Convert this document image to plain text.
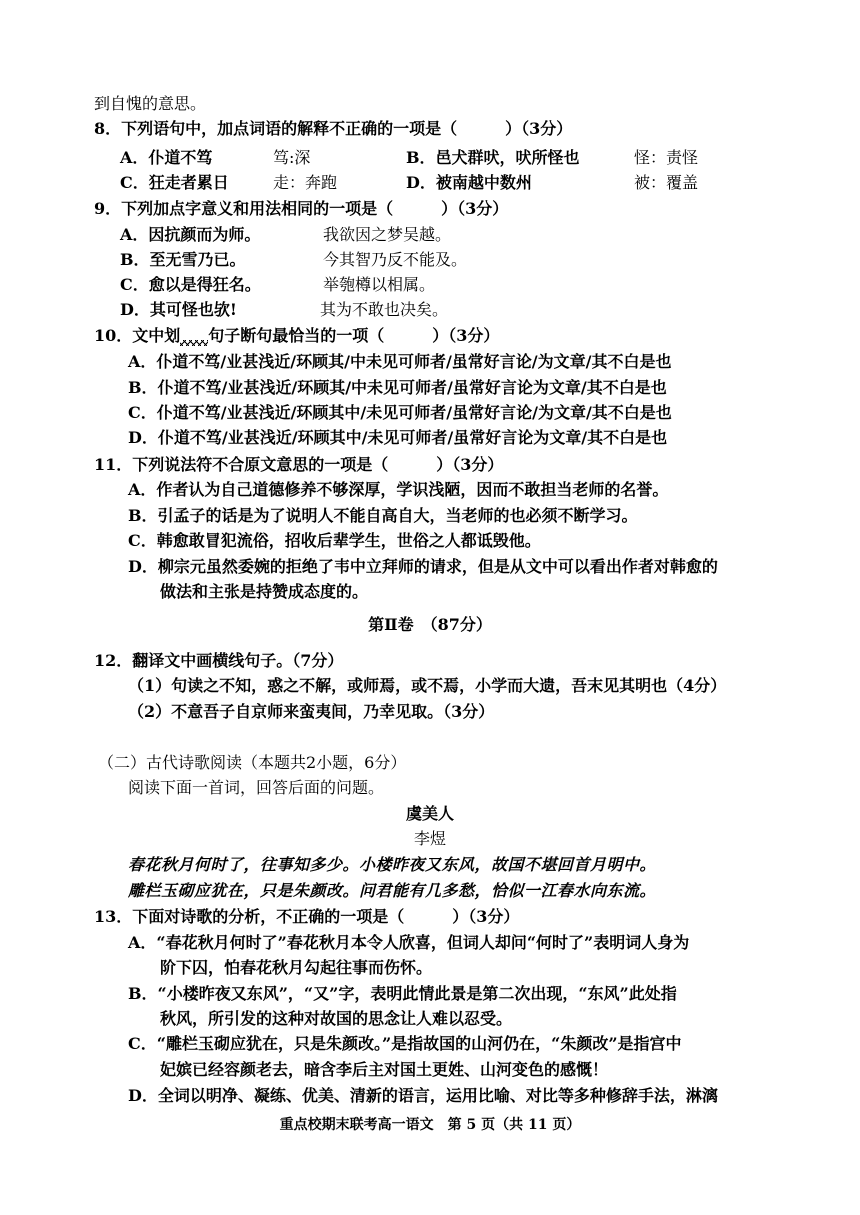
到自愧的意思。
8．下列语句中，加点词语的解释不正确的一项是（　　　）（3分）
A．仆道不笃	笃:深	B．邑犬群吠，吠所怪也	怪：责怪
C．狂走者累日	走：奔跑	D．被南越中数州	被：覆盖
9．下列加点字意义和用法相同的一项是（　　　）（3分）
A．因抗颜而为师。	我欲因之梦吴越。
B．至无雪乃已。	今其智乃反不能及。
C．愈以是得狂名。	举匏樽以相属。
D．其可怪也欤!	其为不敢也决矣。
10．文中划 句子断句最恰当的一项（　　　）（3分）
A．仆道不笃/业甚浅近/环顾其/中未见可师者/虽常好言论/为文章/其不白是也
B．仆道不笃/业甚浅近/环顾其/中未见可师者/虽常好言论为文章/其不白是也
C．仆道不笃/业甚浅近/环顾其中/未见可师者/虽常好言论/为文章/其不白是也
D．仆道不笃/业甚浅近/环顾其中/未见可师者/虽常好言论为文章/其不白是也
11．下列说法符不合原文意思的一项是（　　　）（3分）
A．作者认为自己道德修养不够深厚，学识浅陋，因而不敢担当老师的名誉。
B．引孟子的话是为了说明人不能自高自大，当老师的也必须不断学习。
C．韩愈敢冒犯流俗，招收后辈学生，世俗之人都诋毁他。
D．柳宗元虽然委婉的拒绝了韦中立拜师的请求，但是从文中可以看出作者对韩愈的
做法和主张是持赞成态度的。
第Ⅱ卷　（87分）
12．翻译文中画横线句子。（7分）
（1）句读之不知，惑之不解，或师焉，或不焉，小学而大遗，吾末见其明也（4分）
（2）不意吾子自京师来蛮夷间，乃幸见取。（3分）
（二）古代诗歌阅读（本题共2小题，6分）
阅读下面一首词，回答后面的问题。
虞美人
李煜
春花秋月何时了，往事知多少。小楼昨夜又东风，故国不堪回首月明中。
雕栏玉砌应犹在，只是朱颜改。问君能有几多愁，恰似一江春水向东流。
13．下面对诗歌的分析，不正确的一项是（　　　）（3分）
A．“春花秋月何时了”春花秋月本令人欣喜，但词人却问“何时了”表明词人身为
阶下囚，怕春花秋月勾起往事而伤怀。
B．“小楼昨夜又东风”，“又”字，表明此情此景是第二次出现，“东风”此处指
秋风，所引发的这种对故国的思念让人难以忍受。
C．“雕栏玉砌应犹在，只是朱颜改。”是指故国的山河仍在，“朱颜改”是指宫中
妃嫔已经容颜老去，暗含李后主对国土更姓、山河变色的感慨！
D．全词以明净、凝练、优美、清新的语言，运用比喻、对比等多种修辞手法，淋漓
重点校期末联考高一语文　第 5 页（共 11 页）
